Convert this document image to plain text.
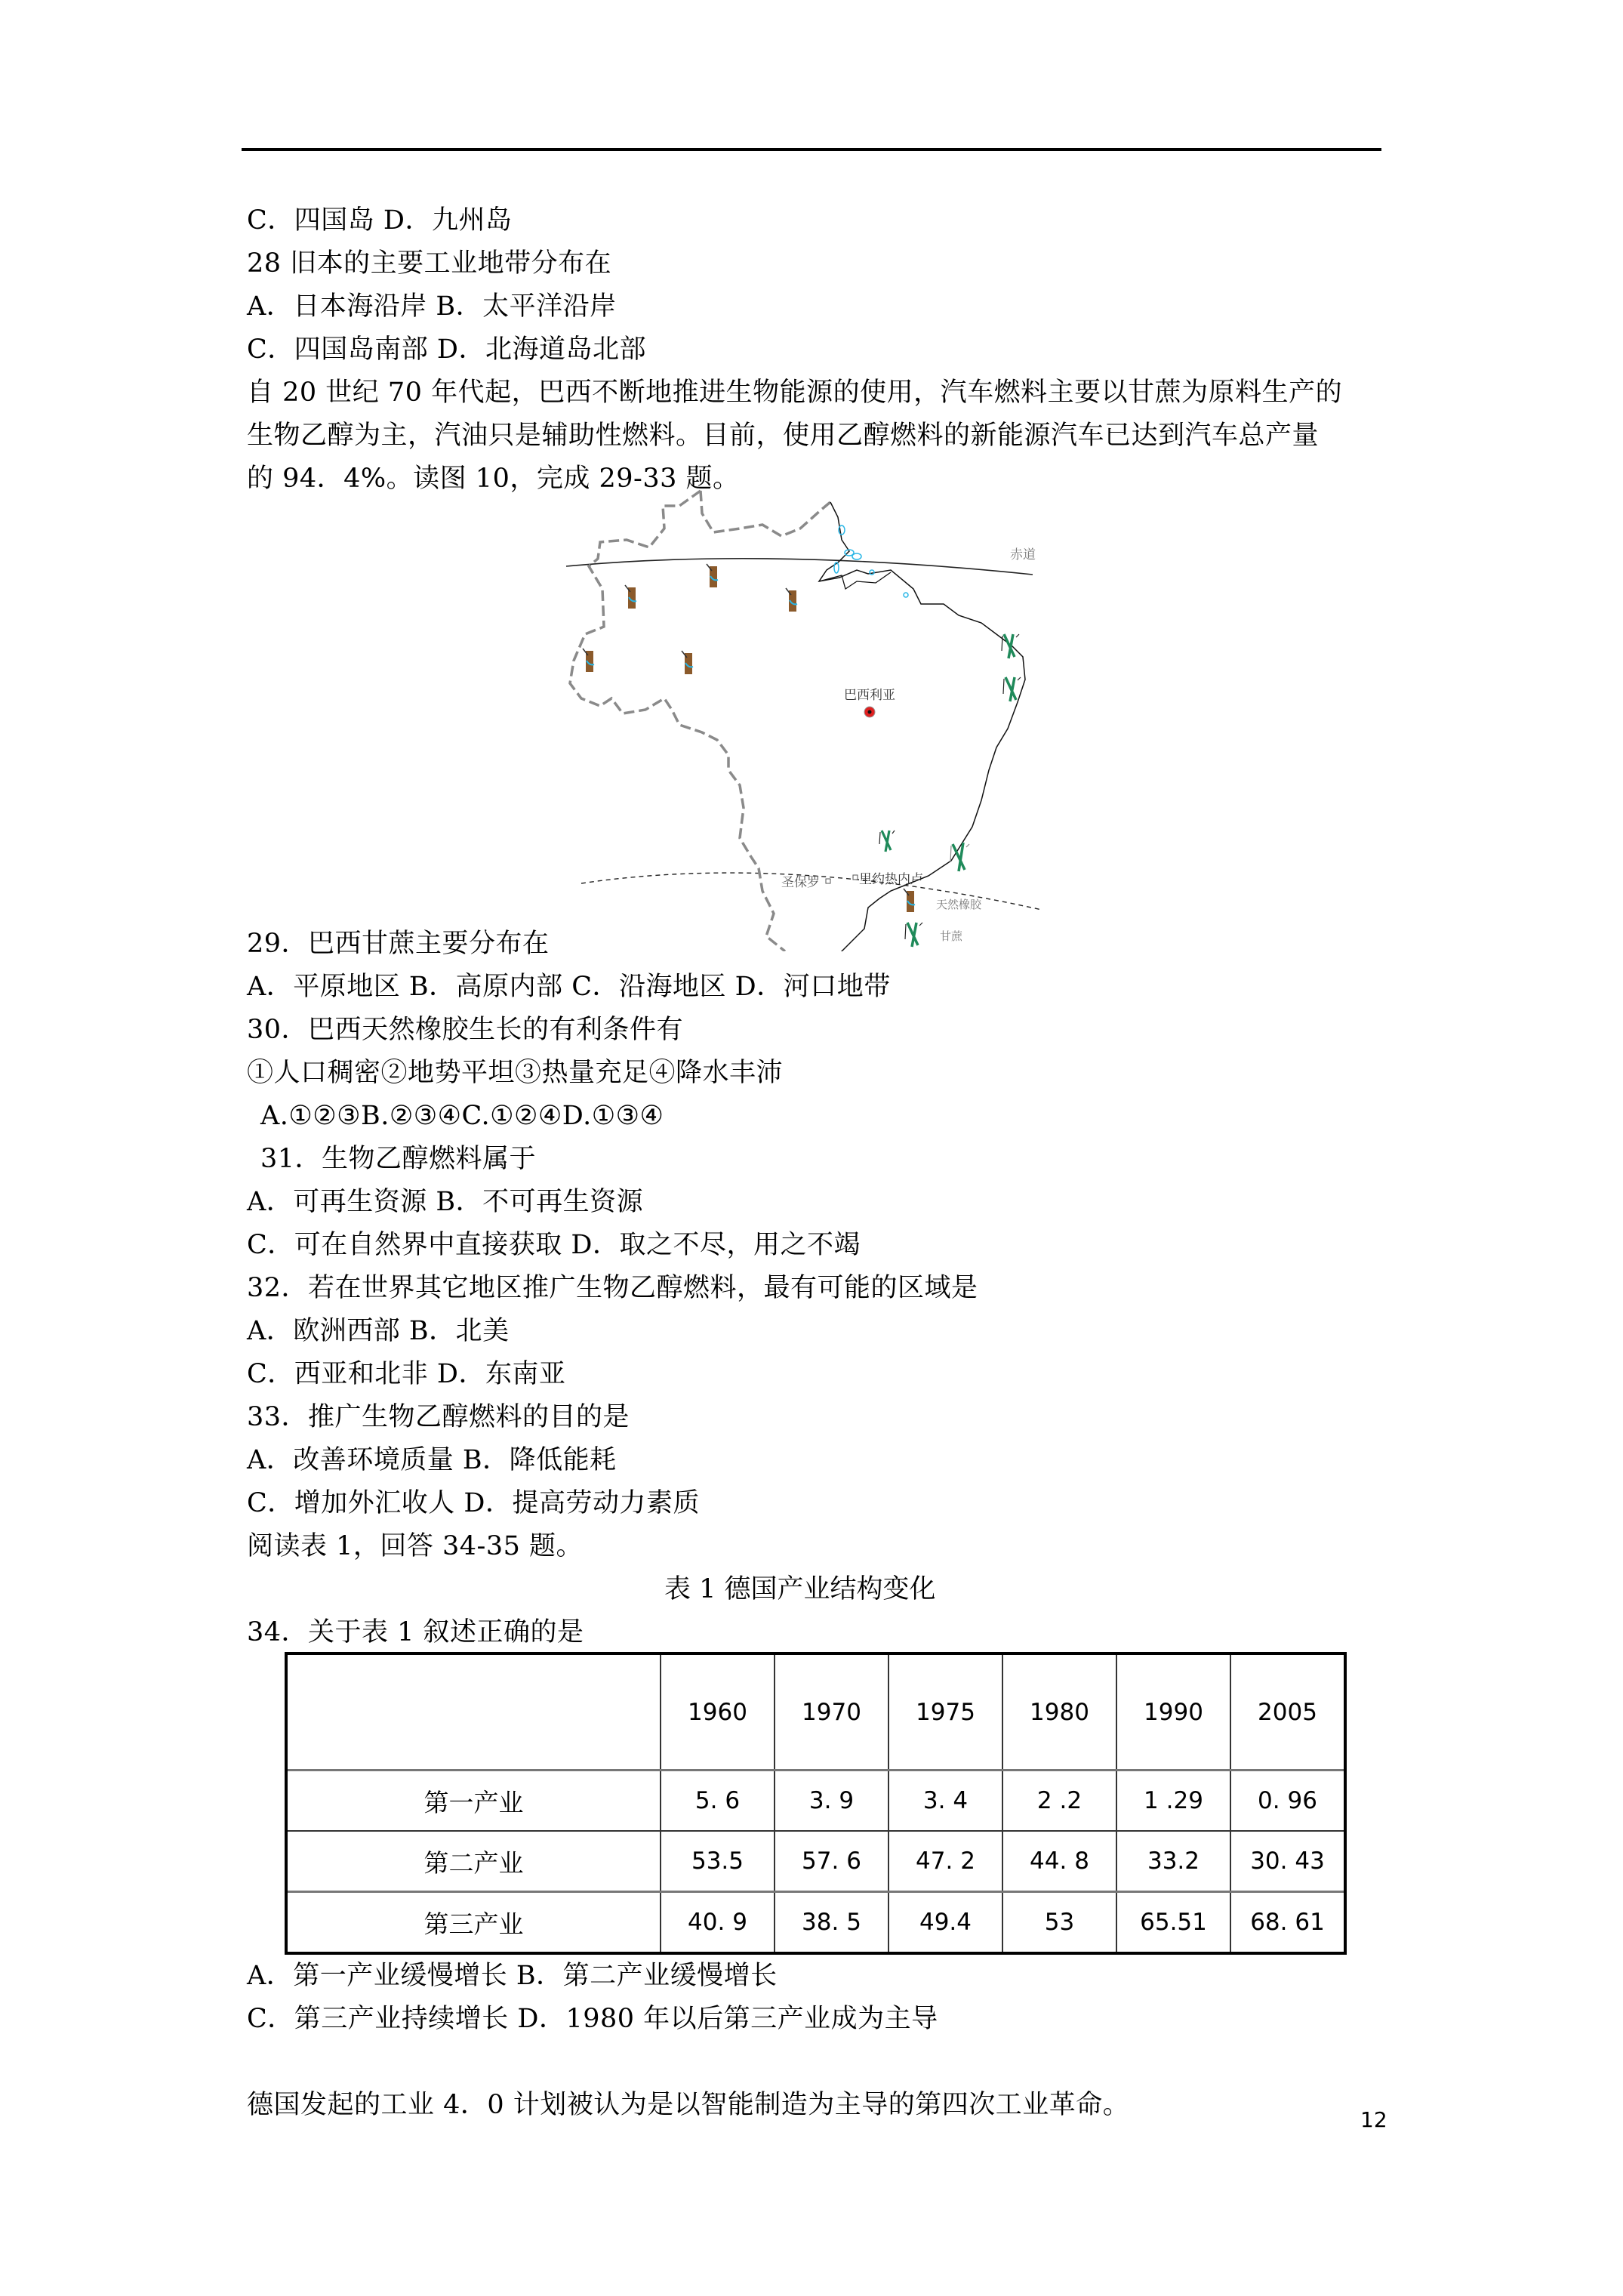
C．四国岛 D．九州岛
28 旧本的主要工业地带分布在
A．日本海沿岸 B．太平洋沿岸
C．四国岛南部 D．北海道岛北部
自 20 世纪 70 年代起，巴西不断地推进生物能源的使用，汽车燃料主要以甘蔗为原料生产的
生物乙醇为主，汽油只是辅助性燃料。目前，使用乙醇燃料的新能源汽车已达到汽车总产量
的 94．4%。读图 10，完成 29-33 题。
赤道
巴西利亚
圣保罗	里约热内卢
天然橡胶
甘蔗
29．巴西甘蔗主要分布在
A．平原地区 B．高原内部 C．沿海地区 D．河口地带
30．巴西天然橡胶生长的有利条件有
①人口稠密②地势平坦③热量充足④降水丰沛
A.①②③B.②③④C.①②④D.①③④
31．生物乙醇燃料属于
A．可再生资源 B．不可再生资源
C．可在自然界中直接获取 D．取之不尽，用之不竭
32．若在世界其它地区推广生物乙醇燃料，最有可能的区域是
A．欧洲西部 B．北美
C．西亚和北非 D．东南亚
33．推广生物乙醇燃料的目的是
A．改善环境质量 B．降低能耗
C．增加外汇收人 D．提高劳动力素质
阅读表 1，回答 34-35 题。
表 1 德国产业结构变化
34．关于表 1 叙述正确的是
	1960	1970	1975	1980	1990	2005
第一产业	5. 6	3. 9	3. 4	2 .2	1 .29	0. 96
第二产业	53.5	57. 6	47. 2	44. 8	33.2	30. 43
第三产业	40. 9	38. 5	49.4	53	65.51	68. 61
A．第一产业缓慢增长 B．第二产业缓慢增长
C．第三产业持续增长 D．1980 年以后第三产业成为主导
德国发起的工业 4．0 计划被认为是以智能制造为主导的第四次工业革命。	12
